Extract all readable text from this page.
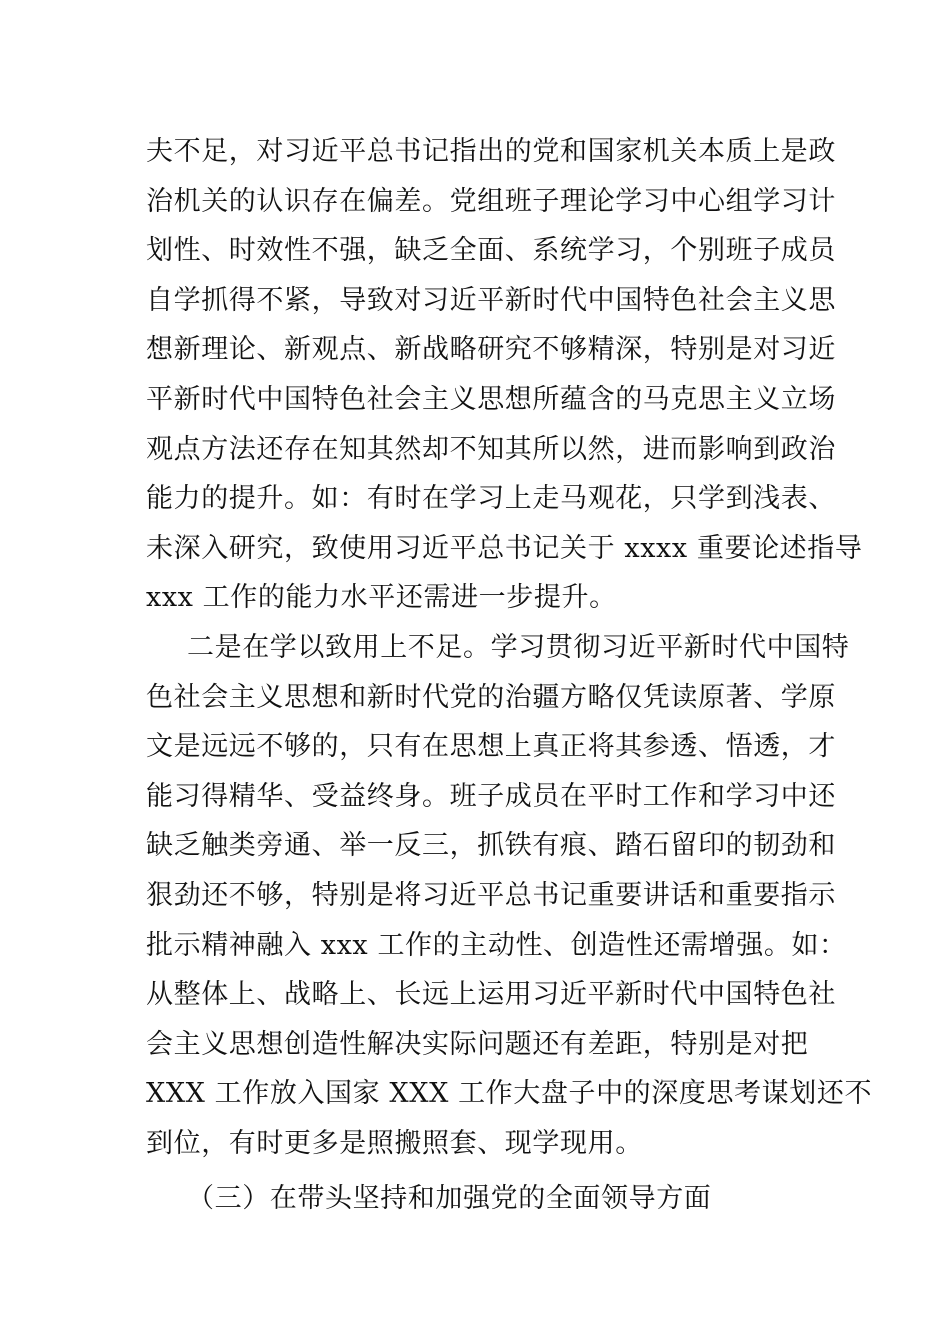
夫不足，对习近平总书记指出的党和国家机关本质上是政
治机关的认识存在偏差。党组班子理论学习中心组学习计
划性、时效性不强，缺乏全面、系统学习，个别班子成员
自学抓得不紧，导致对习近平新时代中国特色社会主义思
想新理论、新观点、新战略研究不够精深，特别是对习近
平新时代中国特色社会主义思想所蕴含的马克思主义立场
观点方法还存在知其然却不知其所以然，进而影响到政治
能力的提升。如：有时在学习上走马观花，只学到浅表、
未深入研究，致使用习近平总书记关于 xxxx 重要论述指导
xxx 工作的能力水平还需进一步提升。
二是在学以致用上不足。学习贯彻习近平新时代中国特
色社会主义思想和新时代党的治疆方略仅凭读原著、学原
文是远远不够的，只有在思想上真正将其参透、悟透，才
能习得精华、受益终身。班子成员在平时工作和学习中还
缺乏触类旁通、举一反三，抓铁有痕、踏石留印的韧劲和
狠劲还不够，特别是将习近平总书记重要讲话和重要指示
批示精神融入 xxx 工作的主动性、创造性还需增强。如：
从整体上、战略上、长远上运用习近平新时代中国特色社
会主义思想创造性解决实际问题还有差距，特别是对把
XXX 工作放入国家 XXX 工作大盘子中的深度思考谋划还不
到位，有时更多是照搬照套、现学现用。
（三）在带头坚持和加强党的全面领导方面
